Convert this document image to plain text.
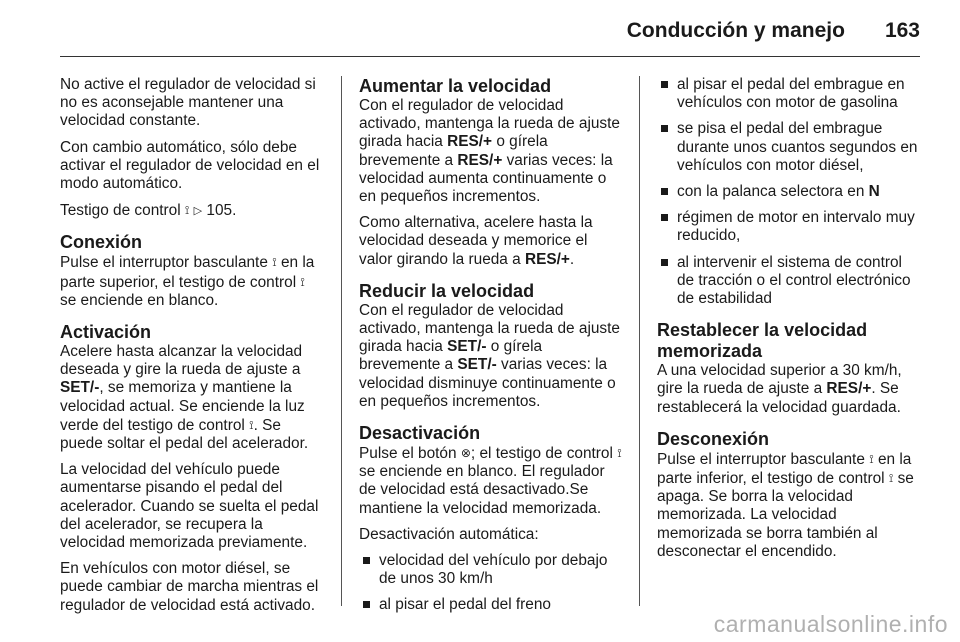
Conducción y manejo 163

No active el regulador de velocidad si no es aconsejable mantener una velocidad constante.

Con cambio automático, sólo debe activar el regulador de velocidad en el modo automático.

Testigo de control ⟟ ▷ 105.

Conexión

Pulse el interruptor basculante ⟟ en la parte superior, el testigo de control ⟟ se enciende en blanco.

Activación

Acelere hasta alcanzar la velocidad deseada y gire la rueda de ajuste a SET/-, se memoriza y mantiene la velocidad actual. Se enciende la luz verde del testigo de control ⟟. Se puede soltar el pedal del acelerador.

La velocidad del vehículo puede aumentarse pisando el pedal del acelerador. Cuando se suelta el pedal del acelerador, se recupera la velocidad memorizada previamente.

En vehículos con motor diésel, se puede cambiar de marcha mientras el regulador de velocidad está activado.

Aumentar la velocidad

Con el regulador de velocidad activado, mantenga la rueda de ajuste girada hacia RES/+ o gírela brevemente a RES/+ varias veces: la velocidad aumenta continuamente o en pequeños incrementos.

Como alternativa, acelere hasta la velocidad deseada y memorice el valor girando la rueda a RES/+.

Reducir la velocidad

Con el regulador de velocidad activado, mantenga la rueda de ajuste girada hacia SET/- o gírela brevemente a SET/- varias veces: la velocidad disminuye continuamente o en pequeños incrementos.

Desactivación

Pulse el botón ⊗; el testigo de control ⟟ se enciende en blanco. El regulador de velocidad está desactivado.Se mantiene la velocidad memorizada.

Desactivación automática:

velocidad del vehículo por debajo de unos 30 km/h
al pisar el pedal del freno
al pisar el pedal del embrague en vehículos con motor de gasolina
se pisa el pedal del embrague durante unos cuantos segundos en vehículos con motor diésel,
con la palanca selectora en N
régimen de motor en intervalo muy reducido,
al intervenir el sistema de control de tracción o el control electrónico de estabilidad
Restablecer la velocidad memorizada

A una velocidad superior a 30 km/h, gire la rueda de ajuste a RES/+. Se restablecerá la velocidad guardada.

Desconexión

Pulse el interruptor basculante ⟟ en la parte inferior, el testigo de control ⟟ se apaga. Se borra la velocidad memorizada. La velocidad memorizada se borra también al desconectar el encendido.

carmanualsonline.info
